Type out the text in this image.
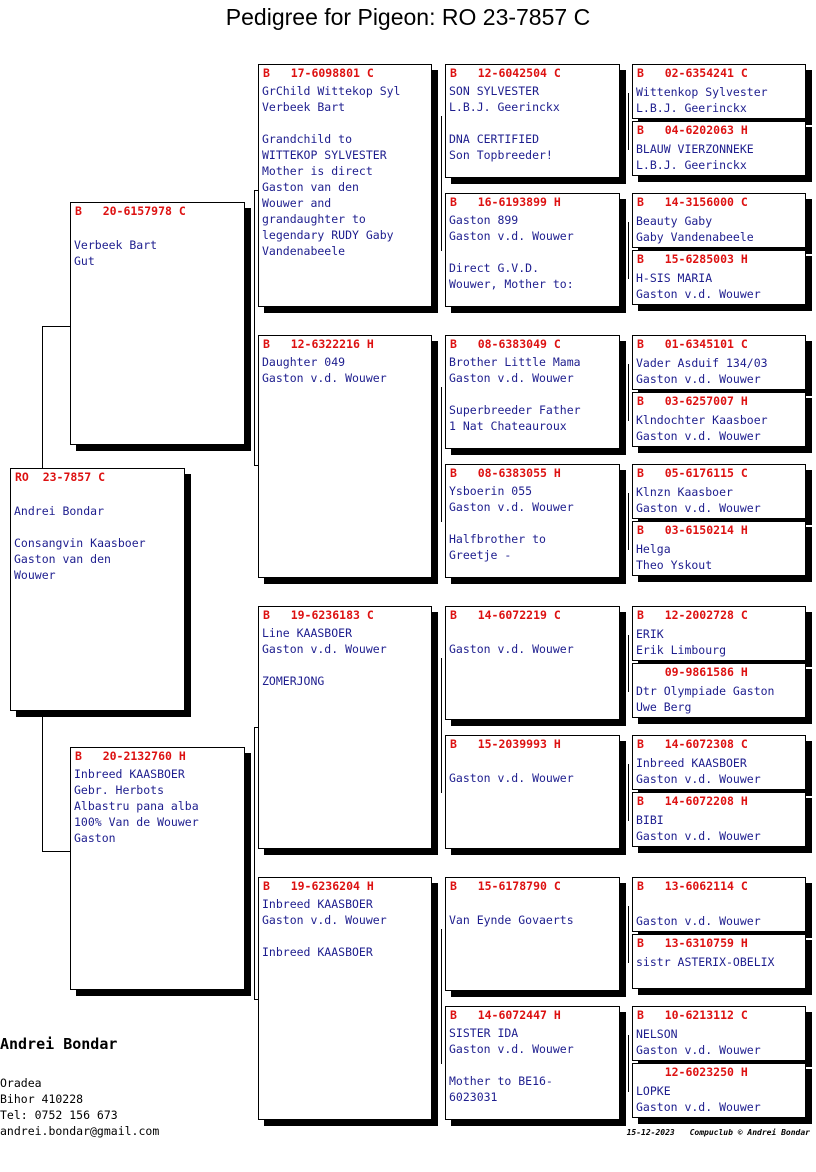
Pedigree for Pigeon: RO 23-7857 C
RO  23-7857 C
Andrei Bondar

Consangvin Kaasboer
Gaston van den
Wouwer
B   20-6157978 C
Verbeek Bart
Gut
B   20-2132760 H
Inbreed KAASBOER
Gebr. Herbots
Albastru pana alba
100% Van de Wouwer
Gaston
B   17-6098801 C
GrChild Wittekop Syl
Verbeek Bart

Grandchild to
WITTEKOP SYLVESTER
Mother is direct
Gaston van den
Wouwer and
grandaughter to
legendary RUDY Gaby
Vandenabeele
B   12-6322216 H
Daughter 049
Gaston v.d. Wouwer
B   19-6236183 C
Line KAASBOER
Gaston v.d. Wouwer

ZOMERJONG
B   19-6236204 H
Inbreed KAASBOER
Gaston v.d. Wouwer

Inbreed KAASBOER
B   12-6042504 C
SON SYLVESTER
L.B.J. Geerinckx

DNA CERTIFIED
Son Topbreeder!
B   16-6193899 H
Gaston 899
Gaston v.d. Wouwer

Direct G.V.D.
Wouwer, Mother to:
B   08-6383049 C
Brother Little Mama
Gaston v.d. Wouwer

Superbreeder Father
1 Nat Chateauroux
B   08-6383055 H
Ysboerin 055
Gaston v.d. Wouwer

Halfbrother to
Greetje -
B   14-6072219 C

Gaston v.d. Wouwer
B   15-2039993 H

Gaston v.d. Wouwer
B   15-6178790 C

Van Eynde Govaerts
B   14-6072447 H
SISTER IDA
Gaston v.d. Wouwer

Mother to BE16-
6023031
B   02-6354241 C
Wittenkop Sylvester
L.B.J. Geerinckx
B   04-6202063 H
BLAUW VIERZONNEKE
L.B.J. Geerinckx
B   14-3156000 C
Beauty Gaby
Gaby Vandenabeele
B   15-6285003 H
H-SIS MARIA
Gaston v.d. Wouwer
B   01-6345101 C
Vader Asduif 134/03
Gaston v.d. Wouwer
B   03-6257007 H
Klndochter Kaasboer
Gaston v.d. Wouwer
B   05-6176115 C
Klnzn Kaasboer
Gaston v.d. Wouwer
B   03-6150214 H
Helga
Theo Yskout
B   12-2002728 C
ERIK
Erik Limbourg
09-9861586 H
Dtr Olympiade Gaston
Uwe Berg
B   14-6072308 C
Inbreed KAASBOER
Gaston v.d. Wouwer
B   14-6072208 H
BIBI
Gaston v.d. Wouwer
B   13-6062114 C

Gaston v.d. Wouwer
B   13-6310759 H
sistr ASTERIX-OBELIX
B   10-6213112 C
NELSON
Gaston v.d. Wouwer
12-6023250 H
LOPKE
Gaston v.d. Wouwer
Andrei Bondar
Oradea
Bihor 410228
Tel: 0752 156 673
andrei.bondar@gmail.com	15-12-2023 Compuclub © Andrei Bondar
